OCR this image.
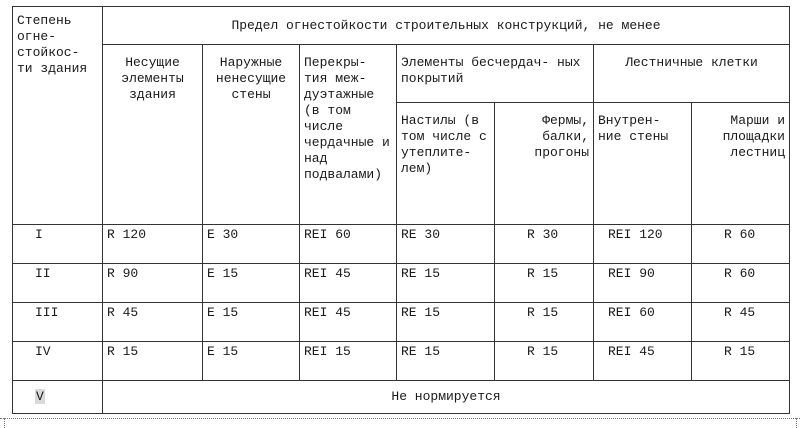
Степень огне- стойкос- ти здания	Предел огнестойкости строительных конструкций, не менее						
	Несущие элементы здания	Наружные ненесущие стены	Перекры- тия меж- дуэтажные (в том числе чердачные и над подвалами)	Элементы бесчердач- ных покрытий		Лестничные клетки	
				Настилы (в том числе с утеплите- лем)	Фермы, балки, прогоны	Внутрен- ние стены	Марши и площадки лестниц
I	R 120	E 30	REI 60	RE 30	R 30	REI 120	R 60
II	R 90	E 15	REI 45	RE 15	R 15	REI 90	R 60
III	R 45	E 15	REI 45	RE 15	R 15	REI 60	R 45
IV	R 15	E 15	REI 15	RE 15	R 15	REI 45	R 15
V	Не нормируется						
